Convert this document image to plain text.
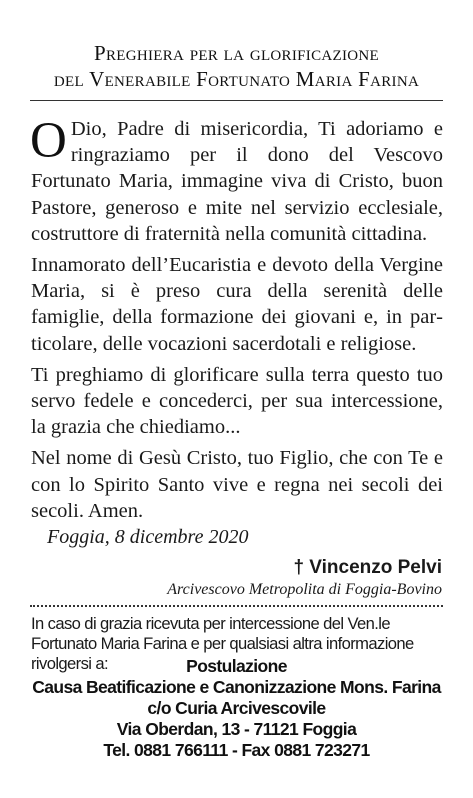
Preghiera per la glorificazione
del Venerabile Fortunato Maria Farina

O Dio, Padre di misericordia, Ti adoriamo e ringraziamo per il dono del Vescovo Fortunato Maria, immagine viva di Cristo, buon Pastore, generoso e mite nel servizio ecclesiale, costruttore di fraternità nella comunità cittadina.

Innamorato dell’Eucaristia e devoto della Vergine Maria, si è preso cura della serenità delle famiglie, della formazione dei giovani e, in particolare, delle vocazioni sacerdotali e religiose.

Ti preghiamo di glorificare sulla terra questo tuo servo fedele e concederci, per sua intercessione, la grazia che chiediamo...

Nel nome di Gesù Cristo, tuo Figlio, che con Te e con lo Spirito Santo vive e regna nei secoli dei secoli. Amen.

Foggia, 8 dicembre 2020
† Vincenzo Pelvi
Arcivescovo Metropolita di Foggia-Bovino
In caso di grazia ricevuta per intercessione del Ven.le Fortunato Maria Farina e per qualsiasi altra informazione rivolgersi a:	Postulazione
Causa Beatificazione e Canonizzazione Mons. Farina
c/o Curia Arcivescovile
Via Oberdan, 13 - 71121 Foggia
Tel. 0881 766111 - Fax 0881 723271
